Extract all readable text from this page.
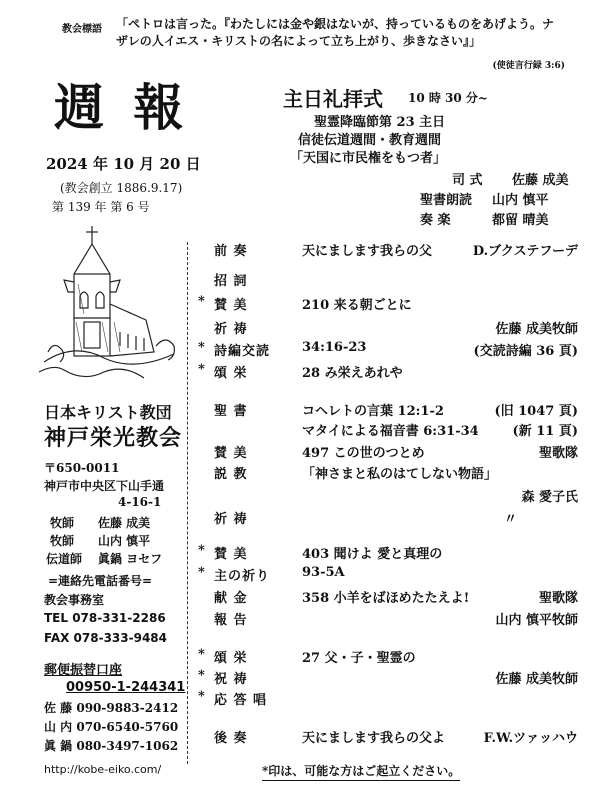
教会標語 「ペトロは言った。『わたしには金や銀はないが、持っているものをあげよう。ナザレの人イエス・キリストの名によって立ち上がり、歩きなさい』」
(使徒言行録 3:6)
週 報
2024 年 10 月 20 日
(教会創立 1886.9.17)
第 139 年 第 6 号
主日礼拝式 10 時 30 分~
聖霊降臨節第 23 主日
信徒伝道週間・教育週間
「天国に市民権をもつ者」
司 式 佐藤 成美
聖書朗読 山内 慎平
奏 楽	都留 晴美
日本キリスト教団
神戸栄光教会
〒650-0011
神戸市中央区下山手通
4-16-1
牧師 佐藤 成美
牧師 山内 慎平
伝道師 眞鍋 ヨセフ
=連絡先電話番号=
教会事務室
TEL 078-331-2286
FAX 078-333-9484
郵便振替口座
00950-1-244341
佐 藤 090-9883-2412
山 内 070-6540-5760
眞 鍋 080-3497-1062
http://kobe-eiko.com/
前 奏	天にまします我らの父	D.ブクステフーデ
招 詞
* 賛 美	210 来る朝ごとに
祈 祷	佐藤 成美牧師
* 詩編交読 34:16-23	(交読詩編 36 頁)
* 頌 栄	28 み栄えあれや
聖 書	コヘレトの言葉 12:1-2	(旧 1047 頁)
マタイによる福音書 6:31-34	(新 11 頁)
賛 美	497 この世のつとめ	聖歌隊
説 教	「神さまと私のはてしない物語」
森 愛子氏
祈 祷	〃
* 賛 美	403 聞けよ 愛と真理の
* 主の祈り 93-5A
献 金	358 小羊をばほめたたえよ!	聖歌隊
報 告	山内 慎平牧師
* 頌 栄	27 父・子・聖霊の
* 祝 祷	佐藤 成美牧師
* 応 答 唱
後 奏	天にまします我らの父よ	F.W.ツァッハウ
*印は、可能な方はご起立ください。
